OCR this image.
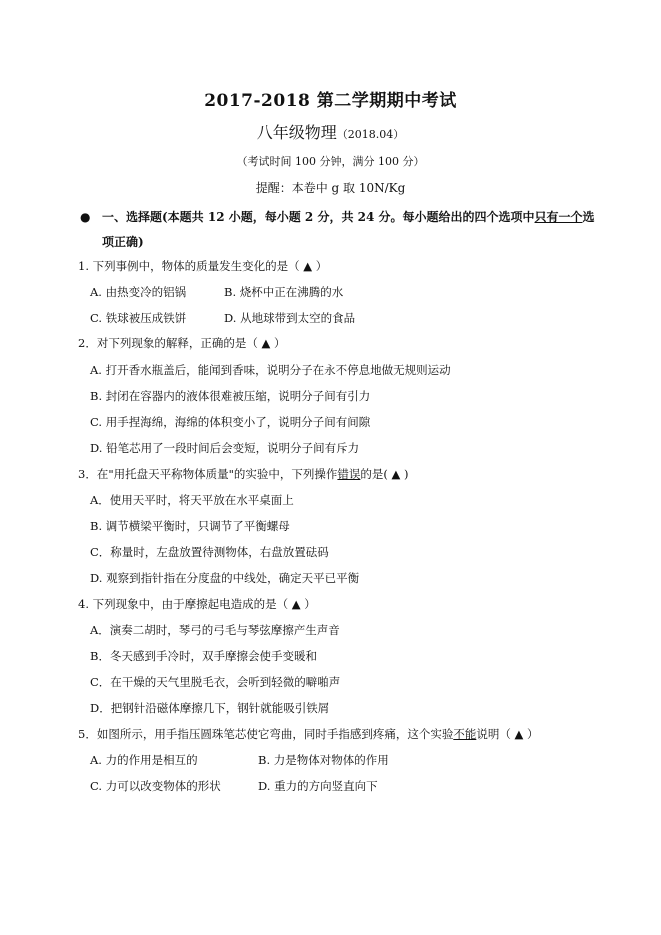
2017-2018 第二学期期中考试
八年级物理（2018.04）
（考试时间 100 分钟，满分 100 分）
提醒：本卷中 g 取 10N/Kg
● 一、选择题(本题共 12 小题，每小题 2 分，共 24 分。每小题给出的四个选项中只有一个选项正确)
1. 下列事例中，物体的质量发生变化的是（ ▲ ）
A. 由热变冷的铝锅	B. 烧杯中正在沸腾的水
C. 铁球被压成铁饼	D. 从地球带到太空的食品
2．对下列现象的解释，正确的是（ ▲ ）
A. 打开香水瓶盖后，能闻到香味，说明分子在永不停息地做无规则运动
B. 封闭在容器内的液体很难被压缩，说明分子间有引力
C. 用手捏海绵，海绵的体积变小了，说明分子间有间隙
D. 铅笔芯用了一段时间后会变短，说明分子间有斥力
3．在"用托盘天平称物体质量"的实验中，下列操作错误的是( ▲ )
A．使用天平时，将天平放在水平桌面上
B. 调节横梁平衡时，只调节了平衡螺母
C．称量时，左盘放置待测物体，右盘放置砝码
D. 观察到指针指在分度盘的中线处，确定天平已平衡
4. 下列现象中，由于摩擦起电造成的是（ ▲ ）
A．演奏二胡时，琴弓的弓毛与琴弦摩擦产生声音
B．冬天感到手冷时，双手摩擦会使手变暖和
C．在干燥的天气里脱毛衣，会听到轻微的噼啪声
D．把钢针沿磁体摩擦几下，钢针就能吸引铁屑
5．如图所示，用手指压圆珠笔芯使它弯曲，同时手指感到疼痛，这个实验不能说明（ ▲ ）
A. 力的作用是相互的	B. 力是物体对物体的作用
C. 力可以改变物体的形状	D. 重力的方向竖直向下
